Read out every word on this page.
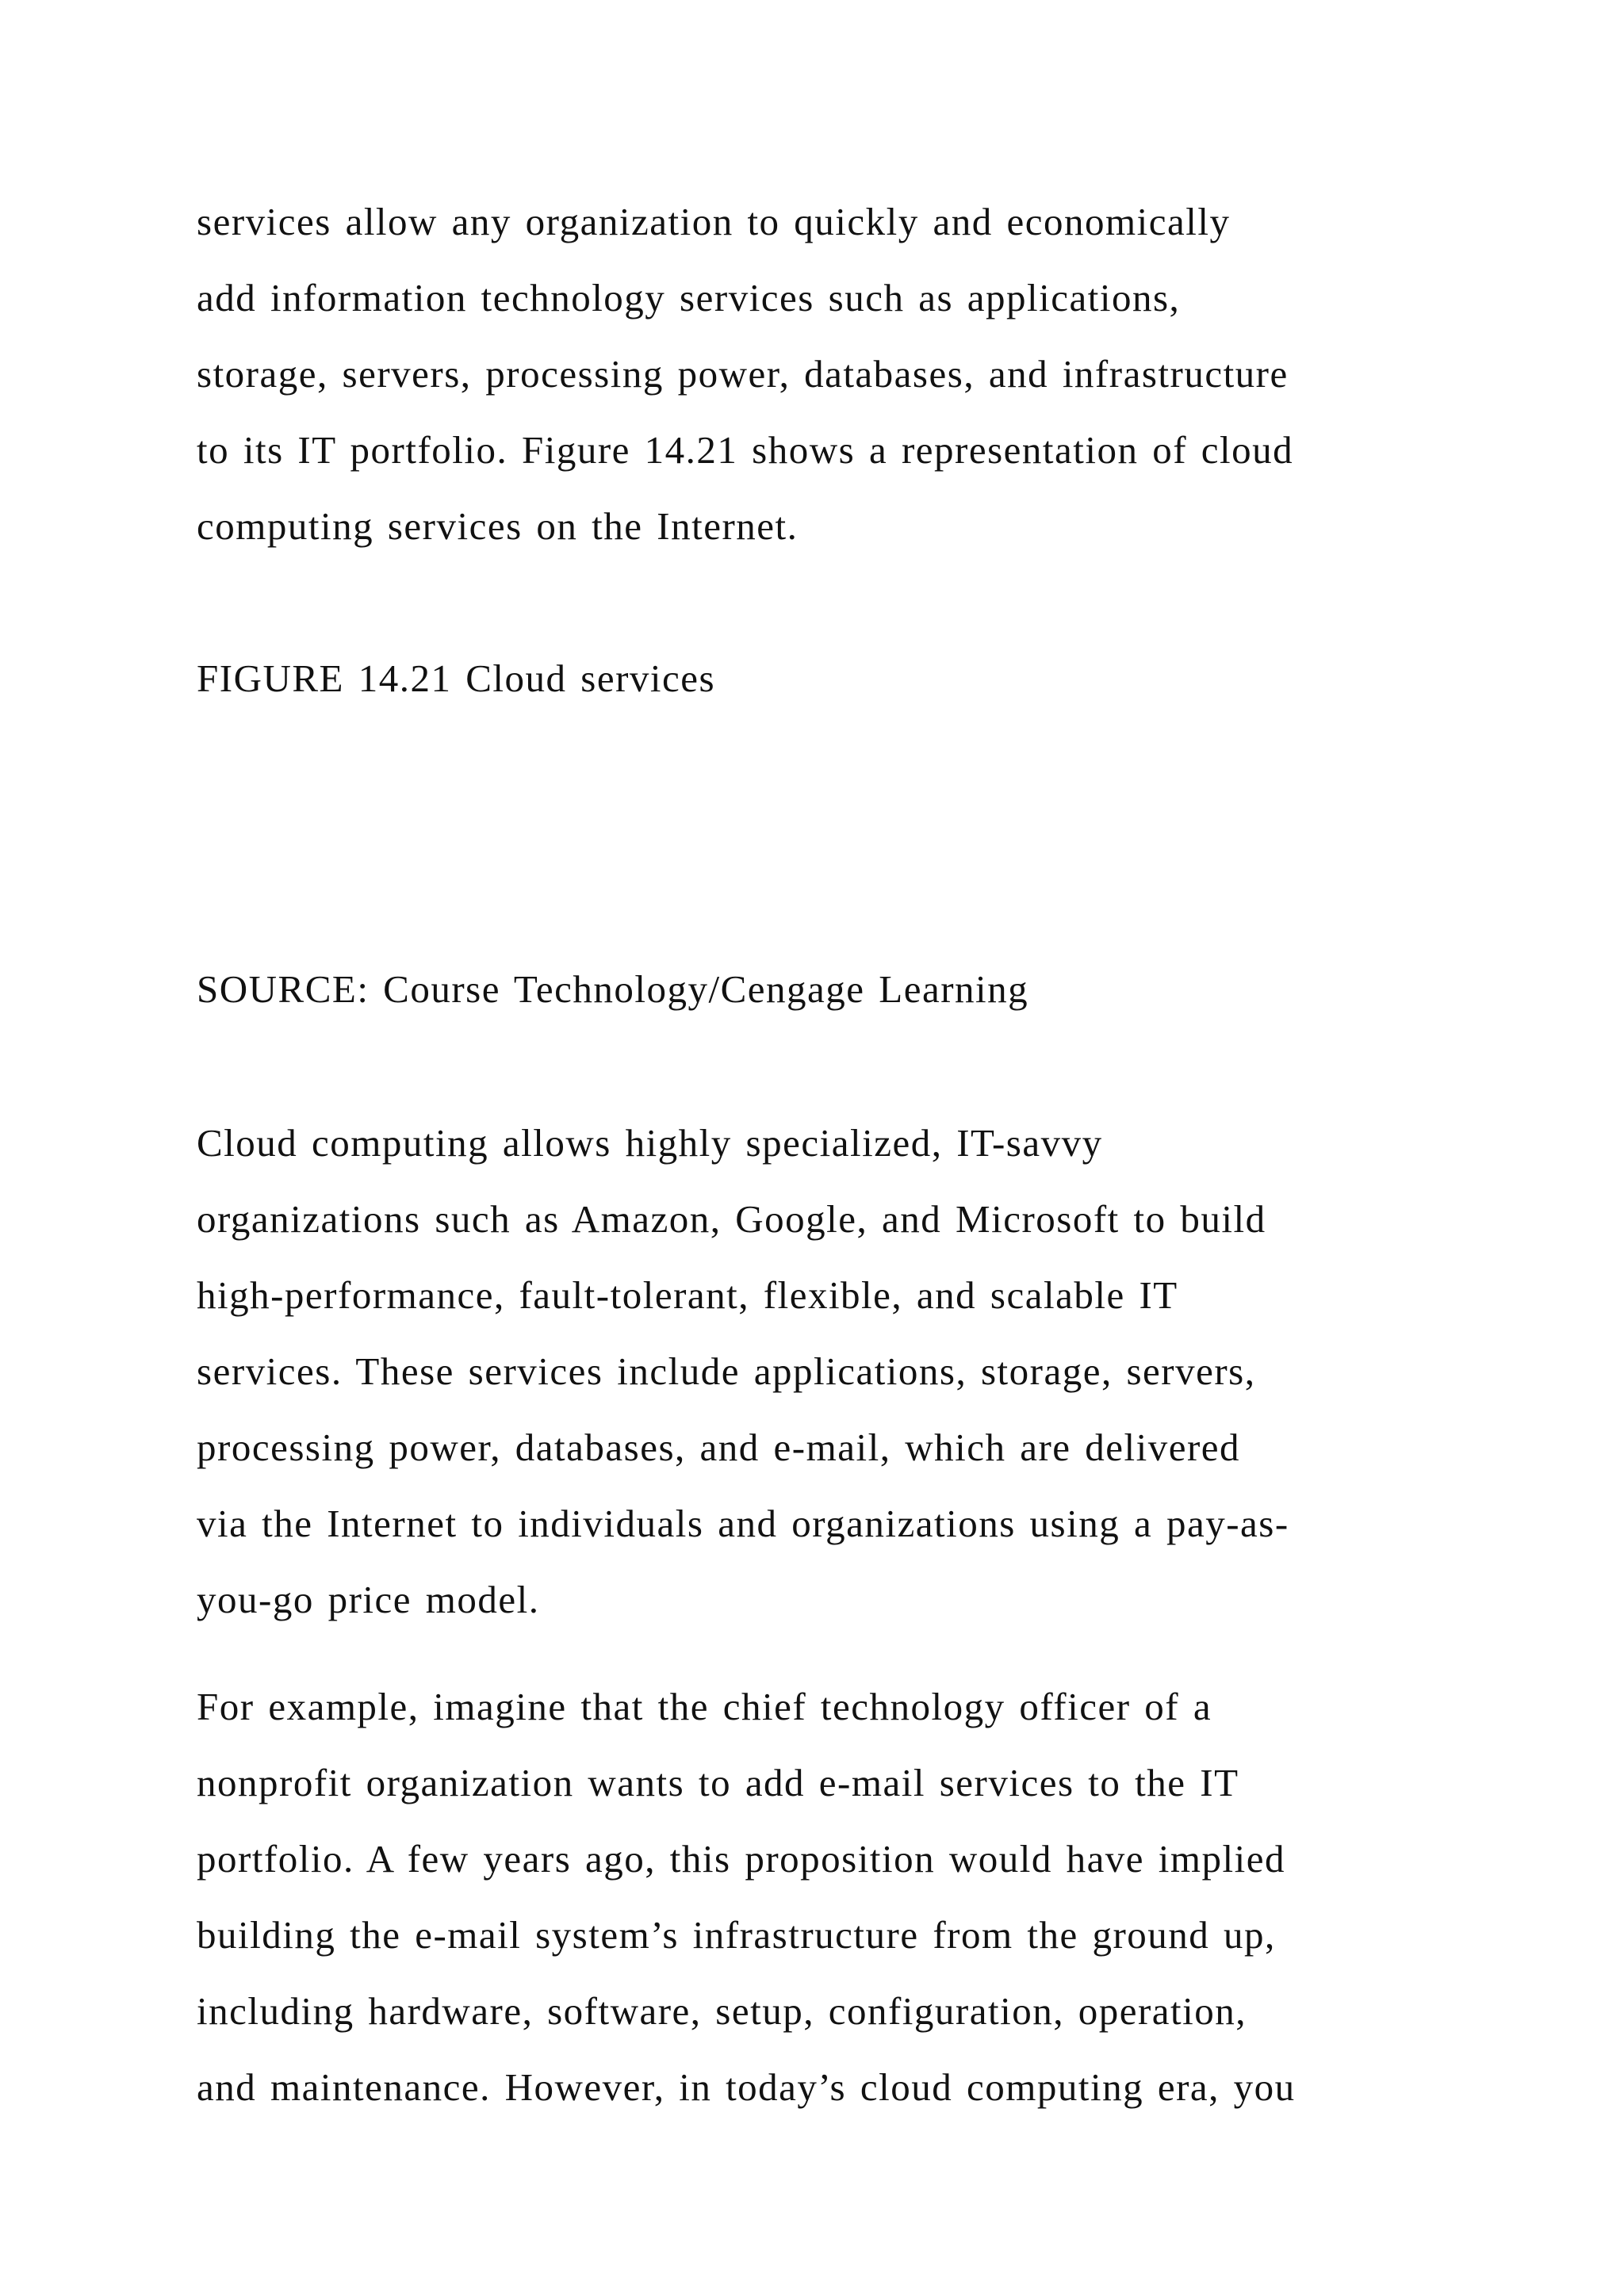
services allow any organization to quickly and economically
add information technology services such as applications,
storage, servers, processing power, databases, and infrastructure
to its IT portfolio. Figure 14.21 shows a representation of cloud
computing services on the Internet.

FIGURE 14.21 Cloud services

SOURCE: Course Technology/Cengage Learning

Cloud computing allows highly specialized, IT-savvy
organizations such as Amazon, Google, and Microsoft to build
high-performance, fault-tolerant, flexible, and scalable IT
services. These services include applications, storage, servers,
processing power, databases, and e-mail, which are delivered
via the Internet to individuals and organizations using a pay-as-
you-go price model.

For example, imagine that the chief technology officer of a
nonprofit organization wants to add e-mail services to the IT
portfolio. A few years ago, this proposition would have implied
building the e-mail system’s infrastructure from the ground up,
including hardware, software, setup, configuration, operation,
and maintenance. However, in today’s cloud computing era, you
